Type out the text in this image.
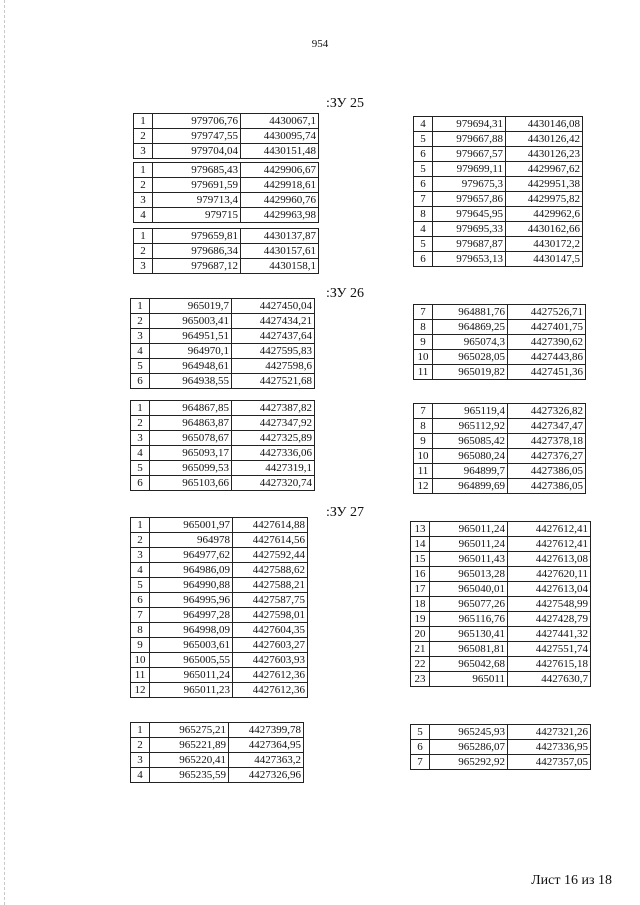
954
:ЗУ 25
:ЗУ 26
:ЗУ 27
1	979706,76	4430067,1
2	979747,55	4430095,74
3	979704,04	4430151,48
1	979685,43	4429906,67
2	979691,59	4429918,61
3	979713,4	4429960,76
4	979715	4429963,98
1	979659,81	4430137,87
2	979686,34	4430157,61
3	979687,12	4430158,1
4	979694,31	4430146,08
5	979667,88	4430126,42
6	979667,57	4430126,23
5	979699,11	4429967,62
6	979675,3	4429951,38
7	979657,86	4429975,82
8	979645,95	4429962,6
4	979695,33	4430162,66
5	979687,87	4430172,2
6	979653,13	4430147,5
1	965019,7	4427450,04
2	965003,41	4427434,21
3	964951,51	4427437,64
4	964970,1	4427595,83
5	964948,61	4427598,6
6	964938,55	4427521,68
1	964867,85	4427387,82
2	964863,87	4427347,92
3	965078,67	4427325,89
4	965093,17	4427336,06
5	965099,53	4427319,1
6	965103,66	4427320,74
7	964881,76	4427526,71
8	964869,25	4427401,75
9	965074,3	4427390,62
10	965028,05	4427443,86
11	965019,82	4427451,36
7	965119,4	4427326,82
8	965112,92	4427347,47
9	965085,42	4427378,18
10	965080,24	4427376,27
11	964899,7	4427386,05
12	964899,69	4427386,05
1	965001,97	4427614,88
2	964978	4427614,56
3	964977,62	4427592,44
4	964986,09	4427588,62
5	964990,88	4427588,21
6	964995,96	4427587,75
7	964997,28	4427598,01
8	964998,09	4427604,35
9	965003,61	4427603,27
10	965005,55	4427603,93
11	965011,24	4427612,36
12	965011,23	4427612,36
1	965275,21	4427399,78
2	965221,89	4427364,95
3	965220,41	4427363,2
4	965235,59	4427326,96
13	965011,24	4427612,41
14	965011,24	4427612,41
15	965011,43	4427613,08
16	965013,28	4427620,11
17	965040,01	4427613,04
18	965077,26	4427548,99
19	965116,76	4427428,79
20	965130,41	4427441,32
21	965081,81	4427551,74
22	965042,68	4427615,18
23	965011	4427630,7
5	965245,93	4427321,26
6	965286,07	4427336,95
7	965292,92	4427357,05
Лист 16 из 18
